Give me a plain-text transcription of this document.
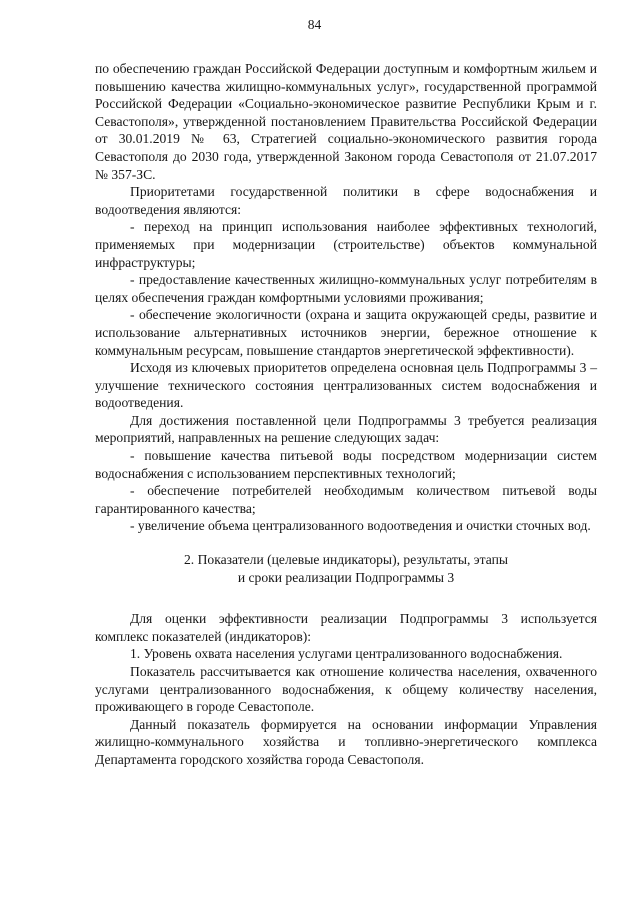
84

по обеспечению граждан Российской Федерации доступным и комфортным жильем и повышению качества жилищно-коммунальных услуг», государственной программой Российской Федерации «Социально-экономическое развитие Республики Крым и г. Севастополя», утвержденной постановлением Правительства Российской Федерации от 30.01.2019 № 63, Стратегией социально-экономического развития города Севастополя до 2030 года, утвержденной Законом города Севастополя от 21.07.2017 № 357-ЗС.

Приоритетами государственной политики в сфере водоснабжения и водоотведения являются:

- переход на принцип использования наиболее эффективных технологий, применяемых при модернизации (строительстве) объектов коммунальной инфраструктуры;

- предоставление качественных жилищно-коммунальных услуг потребителям в целях обеспечения граждан комфортными условиями проживания;

- обеспечение экологичности (охрана и защита окружающей среды, развитие и использование альтернативных источников энергии, бережное отношение к коммунальным ресурсам, повышение стандартов энергетической эффективности).

Исходя из ключевых приоритетов определена основная цель Подпрограммы 3 – улучшение технического состояния централизованных систем водоснабжения и водоотведения.

Для достижения поставленной цели Подпрограммы 3 требуется реализация мероприятий, направленных на решение следующих задач:

- повышение качества питьевой воды посредством модернизации систем водоснабжения с использованием перспективных технологий;

- обеспечение потребителей необходимым количеством питьевой воды гарантированного качества;

- увеличение объема централизованного водоотведения и очистки сточных вод.

2. Показатели (целевые индикаторы), результаты, этапы
и сроки реализации Подпрограммы 3

Для оценки эффективности реализации Подпрограммы 3 используется комплекс показателей (индикаторов):

1. Уровень охвата населения услугами централизованного водоснабжения.

Показатель рассчитывается как отношение количества населения, охваченного услугами централизованного водоснабжения, к общему количеству населения, проживающего в городе Севастополе.

Данный показатель формируется на основании информации Управления жилищно-коммунального хозяйства и топливно-энергетического комплекса Департамента городского хозяйства города Севастополя.
